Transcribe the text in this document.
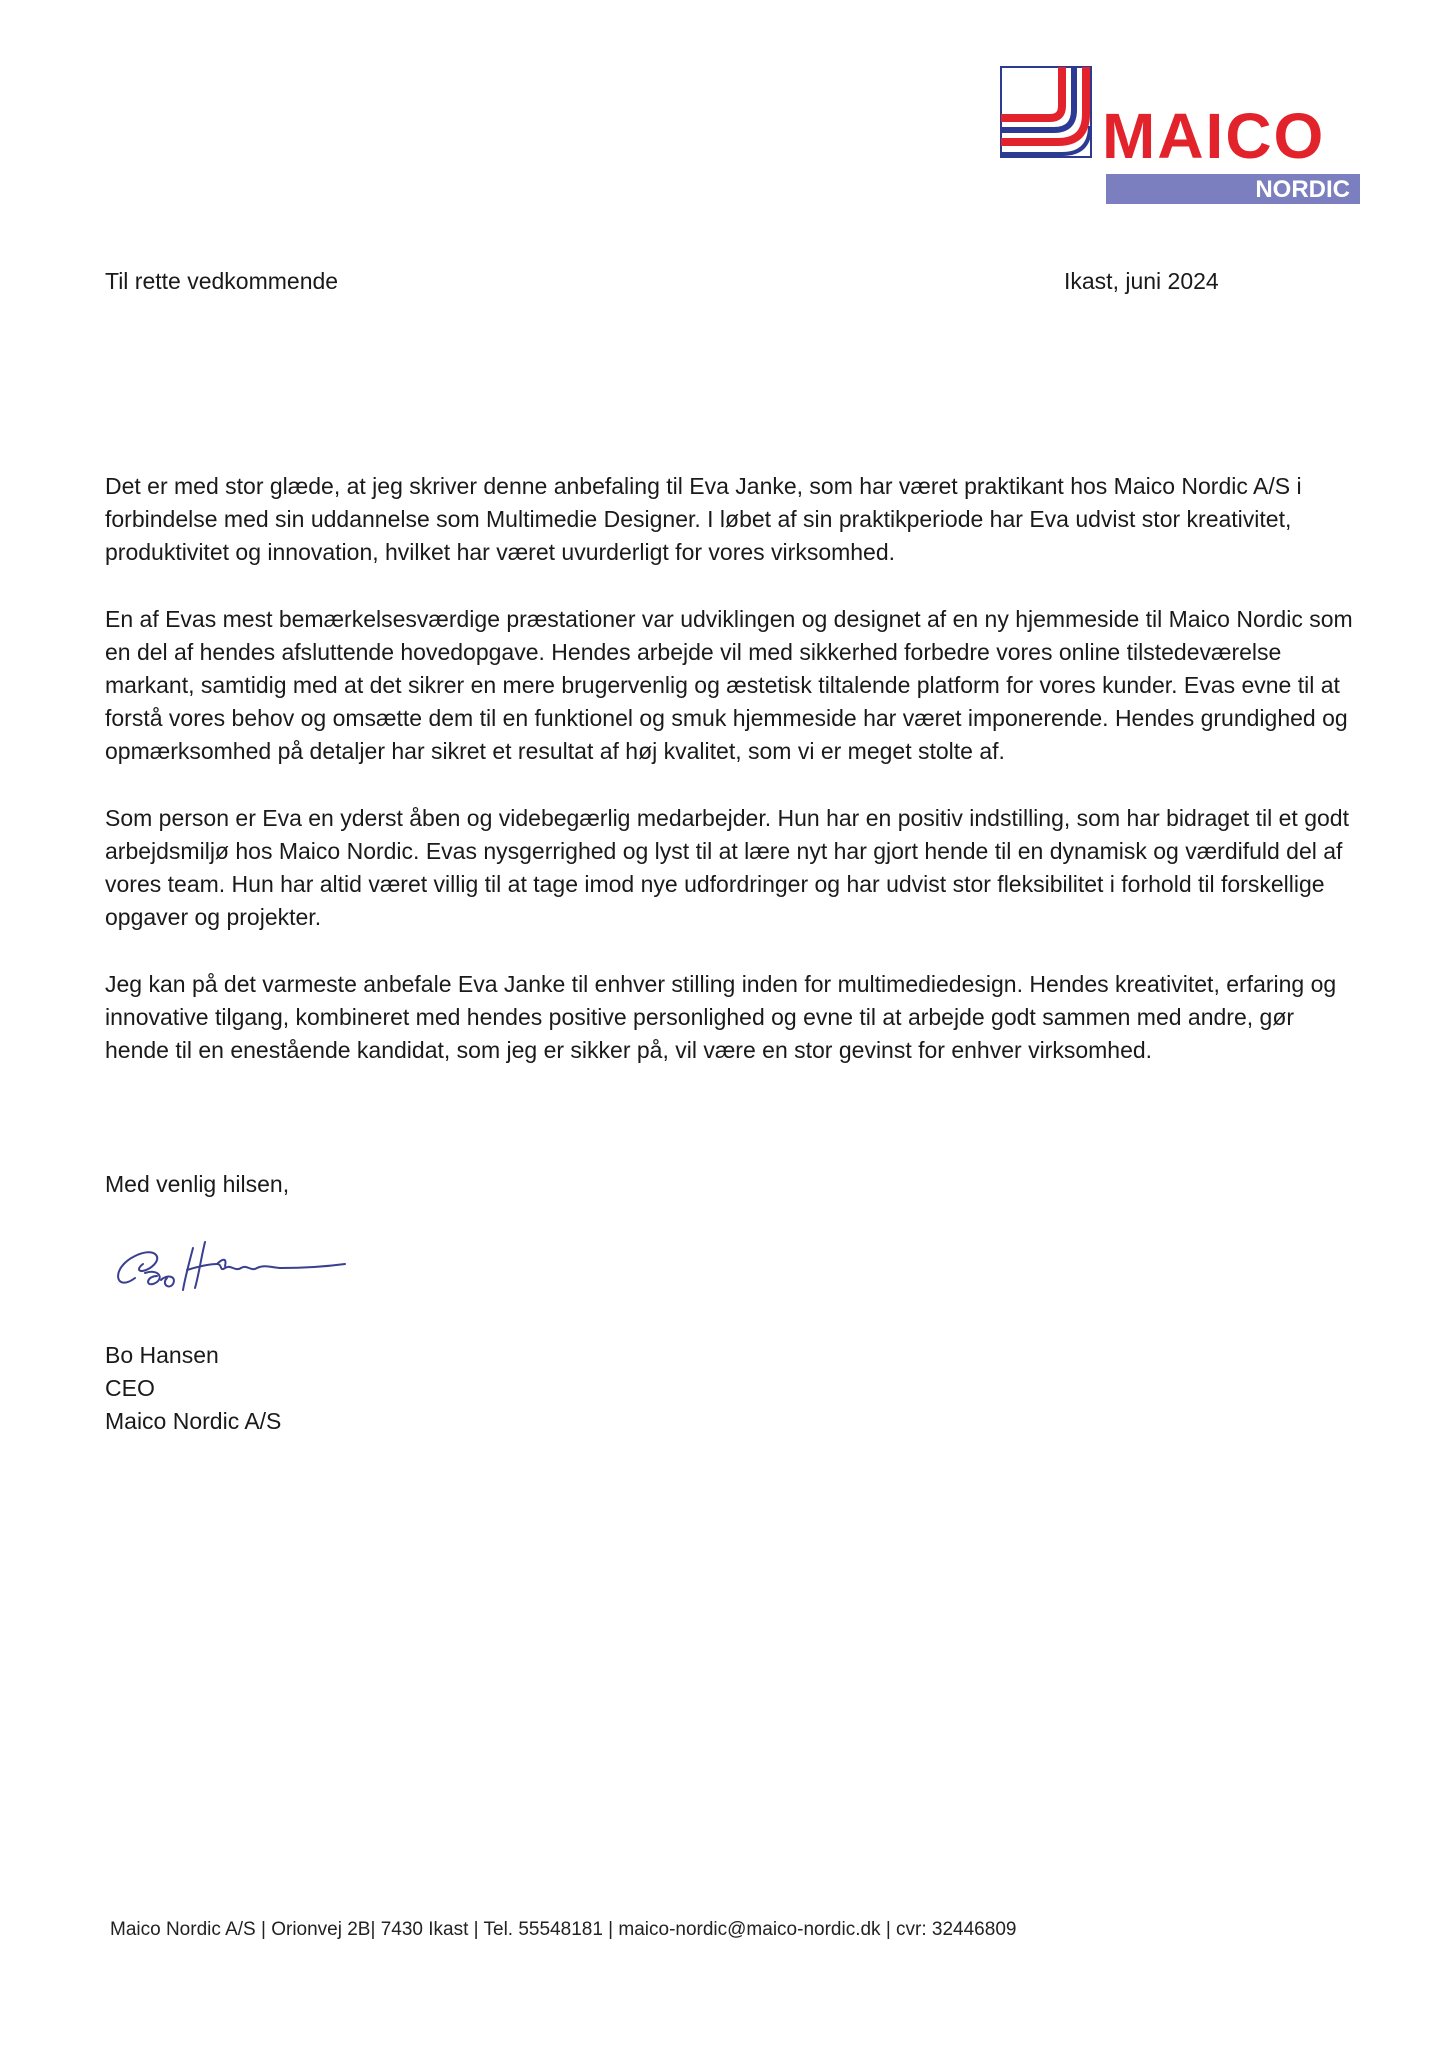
MAICO
NORDIC
Til rette vedkommende	Ikast, juni 2024

Det er med stor glæde, at jeg skriver denne anbefaling til Eva Janke, som har været praktikant hos Maico Nordic A/S i forbindelse med sin uddannelse som Multimedie Designer. I løbet af sin praktikperiode har Eva udvist stor kreativitet, produktivitet og innovation, hvilket har været uvurderligt for vores virksomhed.

En af Evas mest bemærkelsesværdige præstationer var udviklingen og designet af en ny hjemmeside til Maico Nordic som en del af hendes afsluttende hovedopgave. Hendes arbejde vil med sikkerhed forbedre vores online tilstedeværelse markant, samtidig med at det sikrer en mere brugervenlig og æstetisk tiltalende platform for vores kunder. Evas evne til at forstå vores behov og omsætte dem til en funktionel og smuk hjemmeside har været imponerende. Hendes grundighed og opmærksomhed på detaljer har sikret et resultat af høj kvalitet, som vi er meget stolte af.

Som person er Eva en yderst åben og videbegærlig medarbejder. Hun har en positiv indstilling, som har bidraget til et godt arbejdsmiljø hos Maico Nordic. Evas nysgerrighed og lyst til at lære nyt har gjort hende til en dynamisk og værdifuld del af vores team. Hun har altid været villig til at tage imod nye udfordringer og har udvist stor fleksibilitet i forhold til forskellige opgaver og projekter.

Jeg kan på det varmeste anbefale Eva Janke til enhver stilling inden for multimediedesign. Hendes kreativitet, erfaring og innovative tilgang, kombineret med hendes positive personlighed og evne til at arbejde godt sammen med andre, gør hende til en enestående kandidat, som jeg er sikker på, vil være en stor gevinst for enhver virksomhed.

Med venlig hilsen,
Bo Hansen
CEO
Maico Nordic A/S
Maico Nordic A/S | Orionvej 2B| 7430 Ikast | Tel. 55548181 | maico-nordic@maico-nordic.dk | cvr: 32446809
